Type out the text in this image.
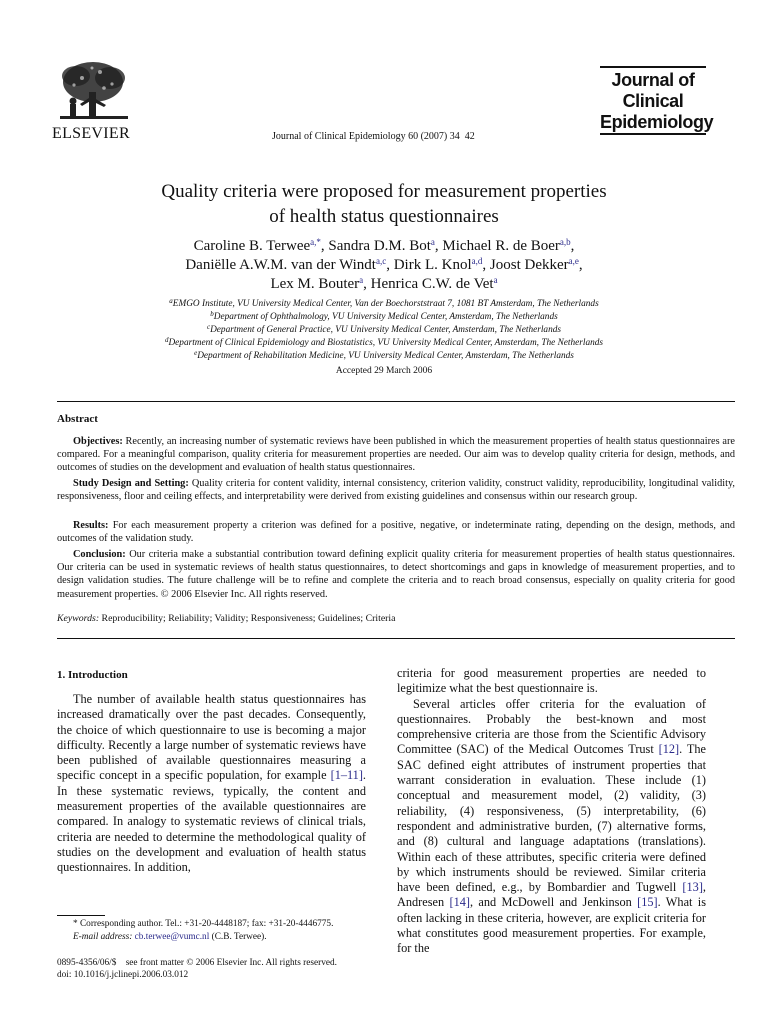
ELSEVIER	Journal of Clinical Epidemiology 60 (2007) 34  42
Journal of
Clinical
Epidemiology
Quality criteria were proposed for measurement properties
of health status questionnaires
Caroline B. Terwee$^{a,*}$, Sandra D.M. Bot$^a$, Michael R. de Boer$^{a,b}$,
Daniëlle A.W.M. van der Windt$^{a,c}$, Dirk L. Knol$^{a,d}$, Joost Dekker$^{a,e}$,
Lex M. Bouter$^a$, Henrica C.W. de Vet$^a$
$^a$EMGO Institute, VU University Medical Center, Van der Boechorststraat 7, 1081 BT Amsterdam, The Netherlands
$^b$Department of Ophthalmology, VU University Medical Center, Amsterdam, The Netherlands
$^c$Department of General Practice, VU University Medical Center, Amsterdam, The Netherlands
$^d$Department of Clinical Epidemiology and Biostatistics, VU University Medical Center, Amsterdam, The Netherlands
$^e$Department of Rehabilitation Medicine, VU University Medical Center, Amsterdam, The Netherlands
Accepted 29 March 2006
Abstract
Objectives: Recently, an increasing number of systematic reviews have been published in which the measurement properties of health status questionnaires are compared. For a meaningful comparison, quality criteria for measurement properties are needed. Our aim was to develop quality criteria for design, methods, and outcomes of studies on the development and evaluation of health status questionnaires.
Study Design and Setting: Quality criteria for content validity, internal consistency, criterion validity, construct validity, reproducibility, longitudinal validity, responsiveness, floor and ceiling effects, and interpretability were derived from existing guidelines and consensus within our research group.
Results: For each measurement property a criterion was defined for a positive, negative, or indeterminate rating, depending on the design, methods, and outcomes of the validation study.
Conclusion: Our criteria make a substantial contribution toward defining explicit quality criteria for measurement properties of health status questionnaires. Our criteria can be used in systematic reviews of health status questionnaires, to detect shortcomings and gaps in knowledge of measurement properties, and to design validation studies. The future challenge will be to refine and complete the criteria and to reach broad consensus, especially on quality criteria for good measurement properties. © 2006 Elsevier Inc. All rights reserved.
Keywords: Reproducibility; Reliability; Validity; Responsiveness; Guidelines; Criteria
1. Introduction
The number of available health status questionnaires has increased dramatically over the past decades. Consequently, the choice of which questionnaire to use is becoming a major difficulty. Recently a large number of systematic reviews have been published of available questionnaires measuring a specific concept in a specific population, for example [1–11]. In these systematic reviews, typically, the content and measurement properties of the available questionnaires are compared. In analogy to systematic reviews of clinical trials, criteria are needed to determine the methodological quality of studies on the development and evaluation of health status questionnaires. In addition,

criteria for good measurement properties are needed to legitimize what the best questionnaire is.

Several articles offer criteria for the evaluation of questionnaires. Probably the best-known and most comprehensive criteria are those from the Scientific Advisory Committee (SAC) of the Medical Outcomes Trust [12]. The SAC defined eight attributes of instrument properties that warrant consideration in evaluation. These include (1) conceptual and measurement model, (2) validity, (3) reliability, (4) responsiveness, (5) interpretability, (6) respondent and administrative burden, (7) alternative forms, and (8) cultural and language adaptations (translations). Within each of these attributes, specific criteria were defined by which instruments should be reviewed. Similar criteria have been defined, e.g., by Bombardier and Tugwell [13], Andresen [14], and McDowell and Jenkinson [15]. What is often lacking in these criteria, however, are explicit criteria for what constitutes good measurement properties. For example, for the

* Corresponding author. Tel.: +31-20-4448187; fax: +31-20-4446775.
E-mail address: cb.terwee@vumc.nl (C.B. Terwee).
0895-4356/06/$    see front matter © 2006 Elsevier Inc. All rights reserved.
doi: 10.1016/j.jclinepi.2006.03.012
